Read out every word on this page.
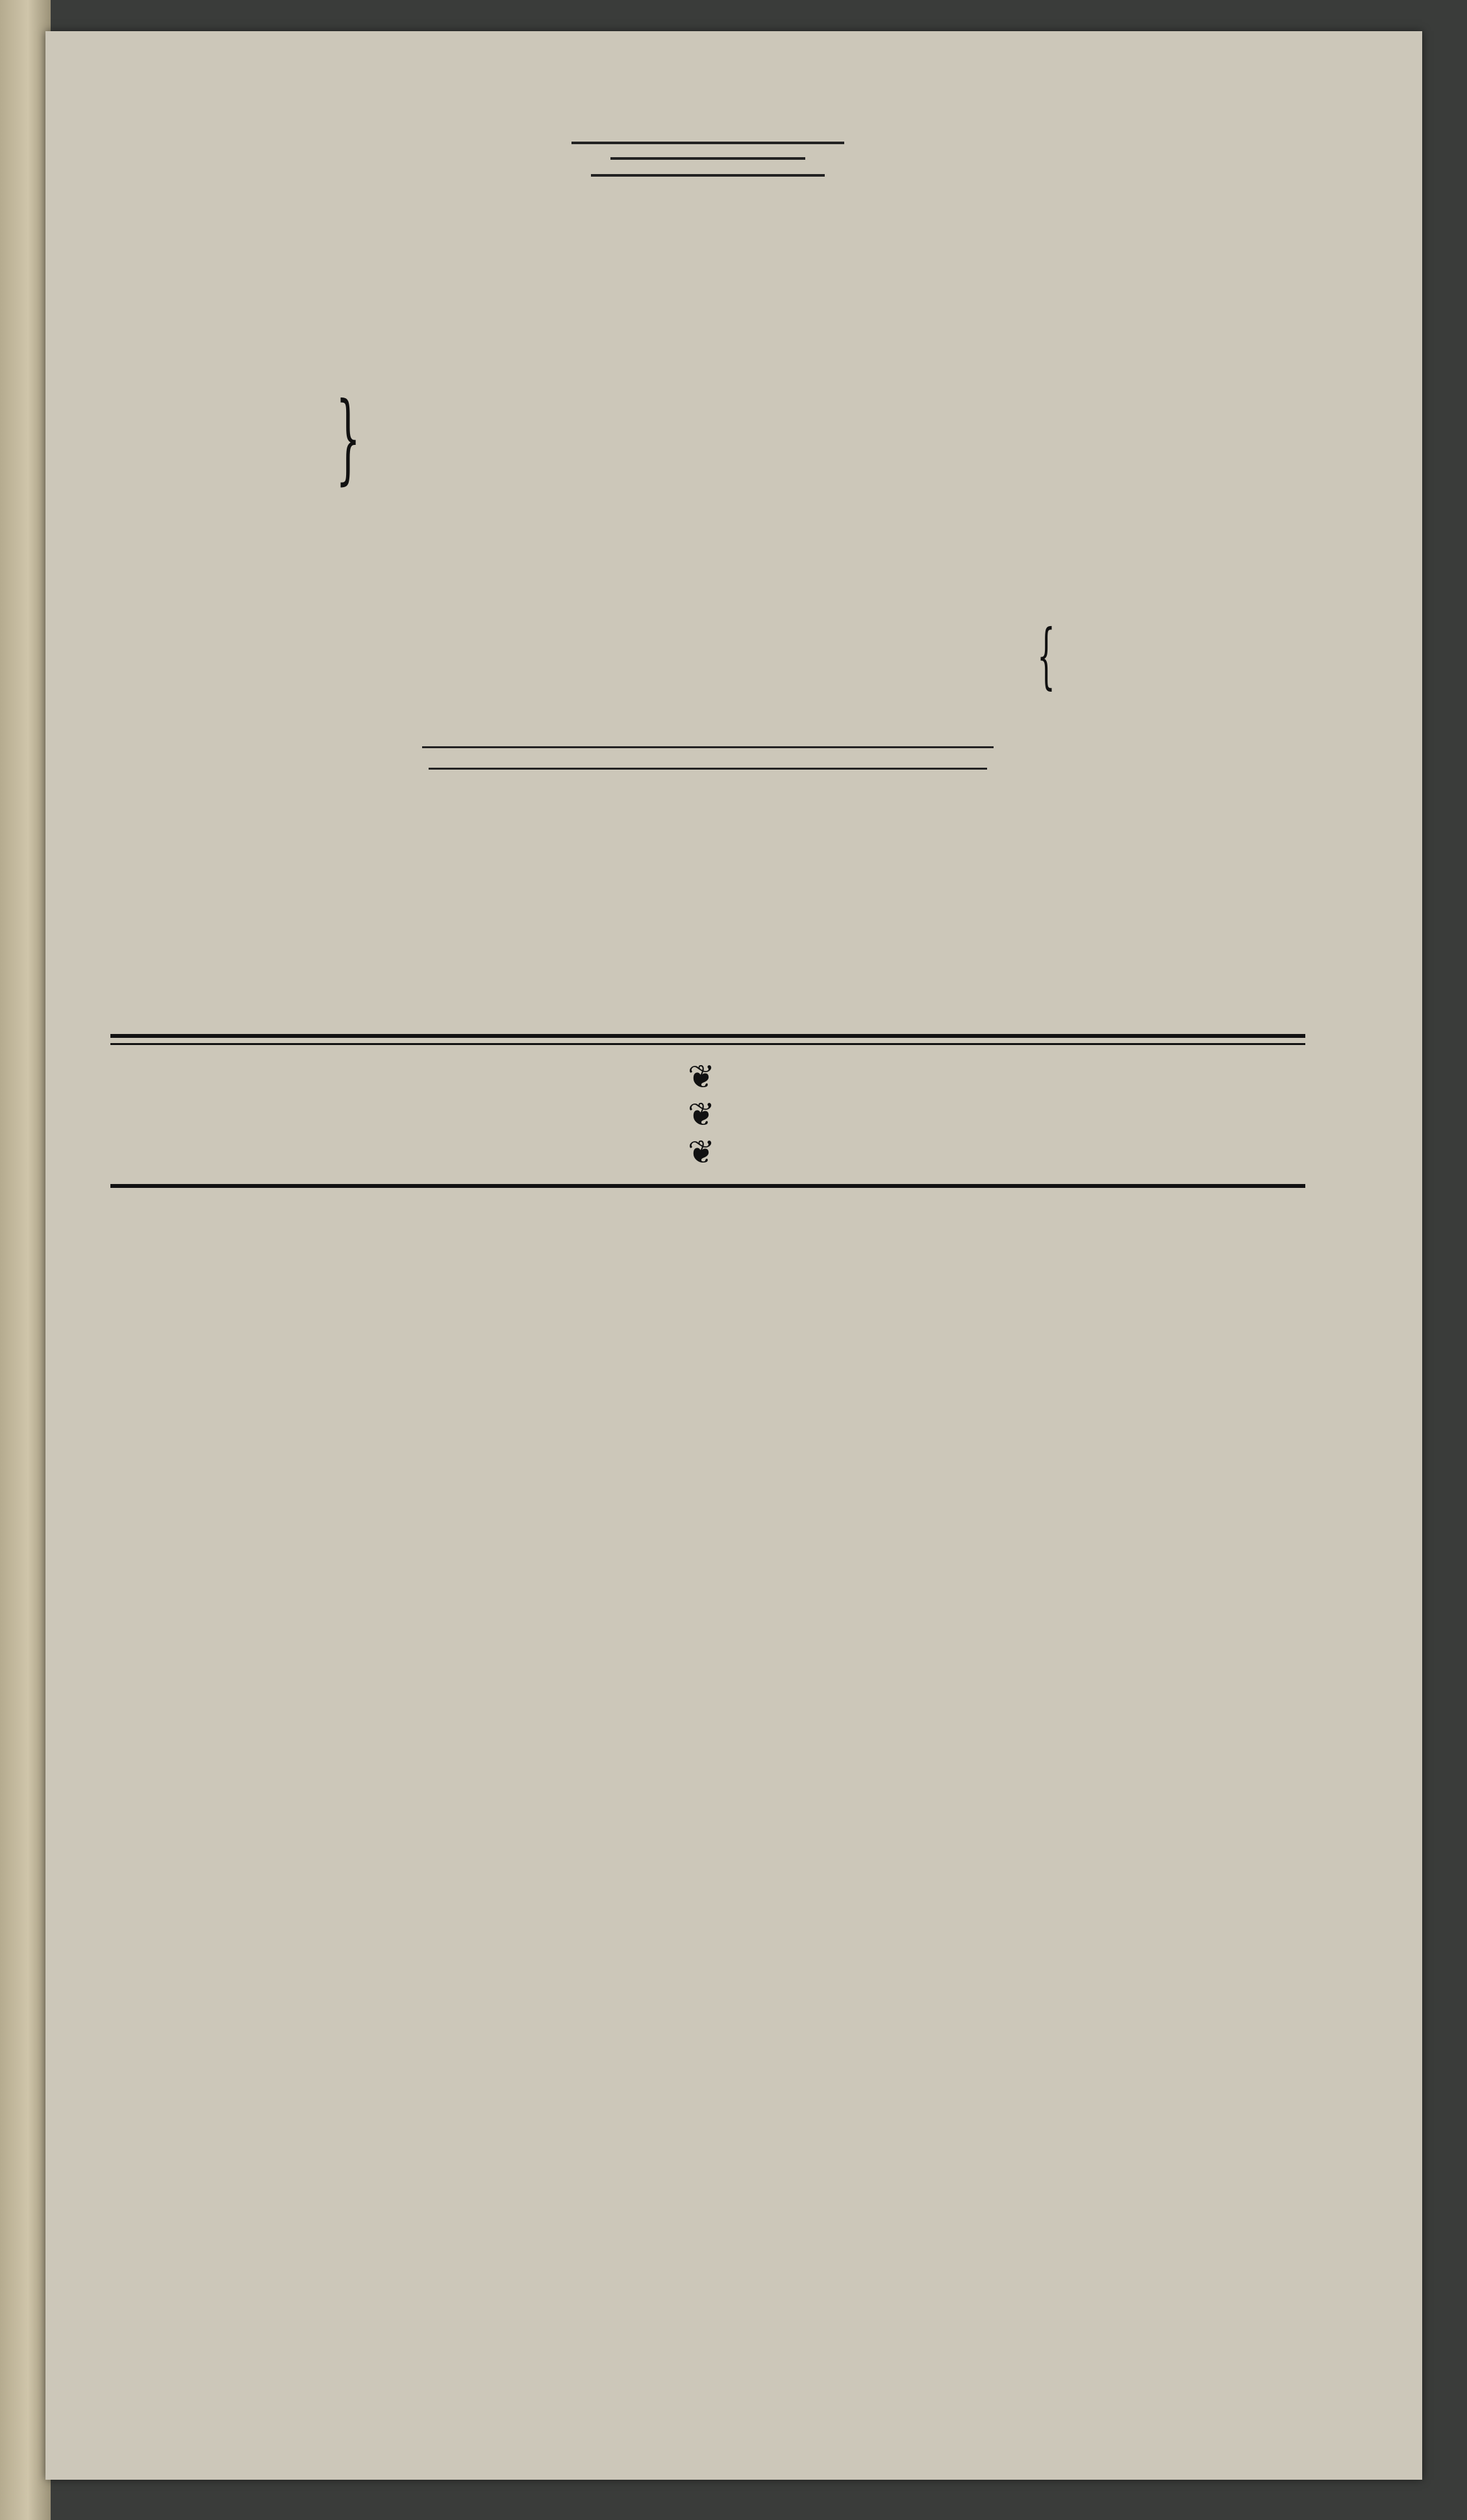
}
{
❦
❦
❦
